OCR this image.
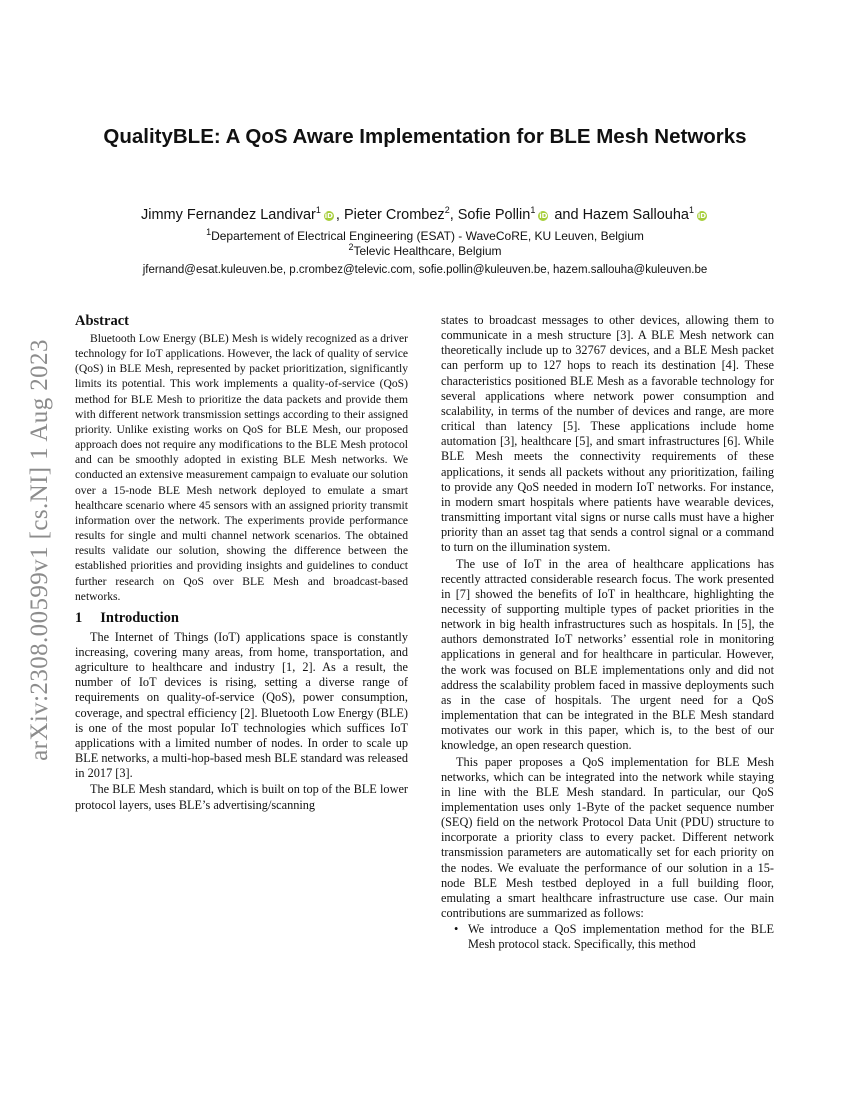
arXiv:2308.00599v1 [cs.NI] 1 Aug 2023
QualityBLE: A QoS Aware Implementation for BLE Mesh Networks
Jimmy Fernandez Landivar$^1$iD , Pieter Crombez$^2$, Sofie Pollin$^1$iD and Hazem Sallouha$^1$iD
$^1$Departement of Electrical Engineering (ESAT) - WaveCoRE, KU Leuven, Belgium
$^2$Televic Healthcare, Belgium
jfernand@esat.kuleuven.be, p.crombez@televic.com, sofie.pollin@kuleuven.be, hazem.sallouha@kuleuven.be
Abstract

Bluetooth Low Energy (BLE) Mesh is widely recognized as a driver technology for IoT applications. However, the lack of quality of service (QoS) in BLE Mesh, represented by packet prioritization, significantly limits its potential. This work implements a quality-of-service (QoS) method for BLE Mesh to prioritize the data packets and provide them with different network transmission settings according to their assigned priority. Unlike existing works on QoS for BLE Mesh, our proposed approach does not require any modifications to the BLE Mesh protocol and can be smoothly adopted in existing BLE Mesh networks. We conducted an extensive measurement campaign to evaluate our solution over a 15-node BLE Mesh network deployed to emulate a smart healthcare scenario where 45 sensors with an assigned priority transmit information over the network. The experiments provide performance results for single and multi channel network scenarios. The obtained results validate our solution, showing the difference between the established priorities and providing insights and guidelines to conduct further research on QoS over BLE Mesh and broadcast-based networks.

1 Introduction

The Internet of Things (IoT) applications space is constantly increasing, covering many areas, from home, transportation, and agriculture to healthcare and industry [1, 2]. As a result, the number of IoT devices is rising, setting a diverse range of requirements on quality-of-service (QoS), power consumption, coverage, and spectral efficiency [2]. Bluetooth Low Energy (BLE) is one of the most popular IoT technologies which suffices IoT applications with a limited number of nodes. In order to scale up BLE networks, a multi-hop-based mesh BLE standard was released in 2017 [3].

The BLE Mesh standard, which is built on top of the BLE lower protocol layers, uses BLE’s advertising/scanning

states to broadcast messages to other devices, allowing them to communicate in a mesh structure [3]. A BLE Mesh network can theoretically include up to 32767 devices, and a BLE Mesh packet can perform up to 127 hops to reach its destination [4]. These characteristics positioned BLE Mesh as a favorable technology for several applications where network power consumption and scalability, in terms of the number of devices and range, are more critical than latency [5]. These applications include home automation [3], healthcare [5], and smart infrastructures [6]. While BLE Mesh meets the connectivity requirements of these applications, it sends all packets without any prioritization, failing to provide any QoS needed in modern IoT networks. For instance, in modern smart hospitals where patients have wearable devices, transmitting important vital signs or nurse calls must have a higher priority than an asset tag that sends a control signal or a command to turn on the illumination system.

The use of IoT in the area of healthcare applications has recently attracted considerable research focus. The work presented in [7] showed the benefits of IoT in healthcare, highlighting the necessity of supporting multiple types of packet priorities in the network in big health infrastructures such as hospitals. In [5], the authors demonstrated IoT networks’ essential role in monitoring applications in general and for healthcare in particular. However, the work was focused on BLE implementations only and did not address the scalability problem faced in massive deployments such as in the case of hospitals. The urgent need for a QoS implementation that can be integrated in the BLE Mesh standard motivates our work in this paper, which is, to the best of our knowledge, an open research question.

This paper proposes a QoS implementation for BLE Mesh networks, which can be integrated into the network while staying in line with the BLE Mesh standard. In particular, our QoS implementation uses only 1-Byte of the packet sequence number (SEQ) field on the network Protocol Data Unit (PDU) structure to incorporate a priority class to every packet. Different network transmission parameters are automatically set for each priority on the nodes. We evaluate the performance of our solution in a 15-node BLE Mesh testbed deployed in a full building floor, emulating a smart healthcare infrastructure use case. Our main contributions are summarized as follows:

• We introduce a QoS implementation method for the BLE Mesh protocol stack. Specifically, this method
